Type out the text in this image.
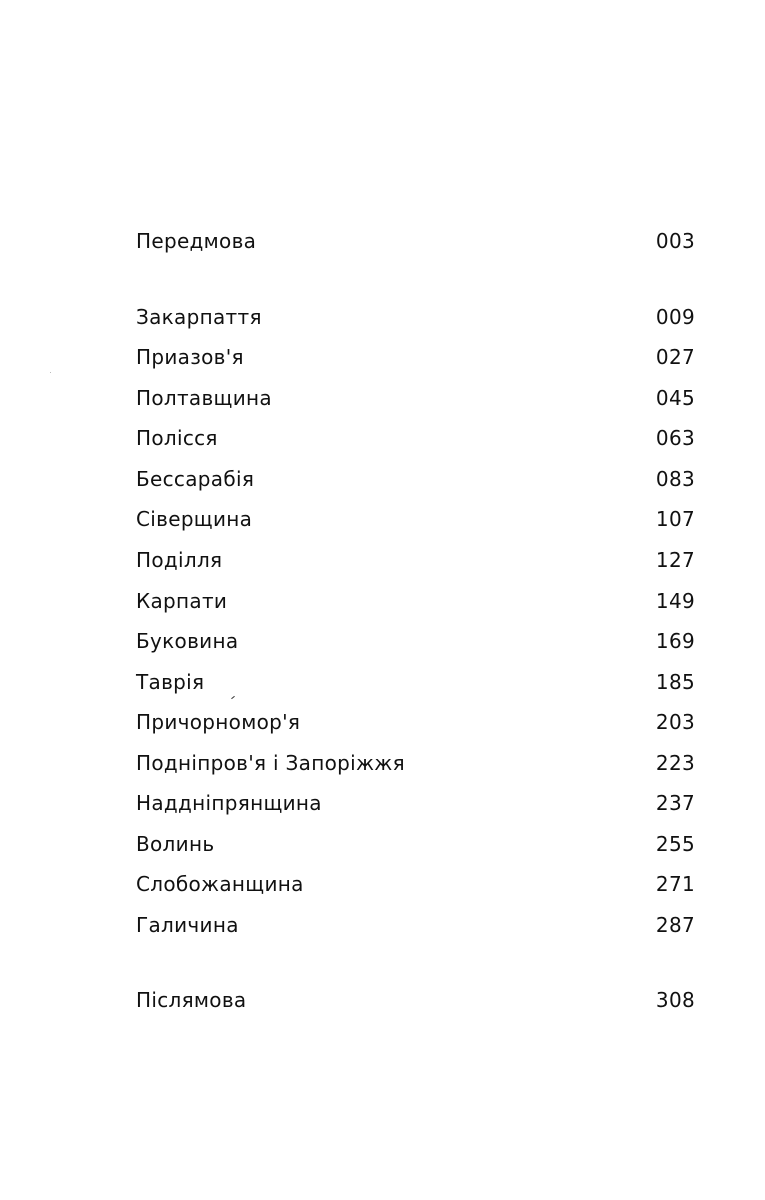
Передмова	003
Закарпаття	009
Приазов'я	027
Полтавщина	045
Полісся	063
Бессарабія	083
Сіверщина	107
Поділля	127
Карпати	149
Буковина	169
Таврія	185
Причорномор'я	203
Подніпров'я і Запоріжжя	223
Наддніпрянщина	237
Волинь	255
Слобожанщина	271
Галичина	287
Післямова	308
